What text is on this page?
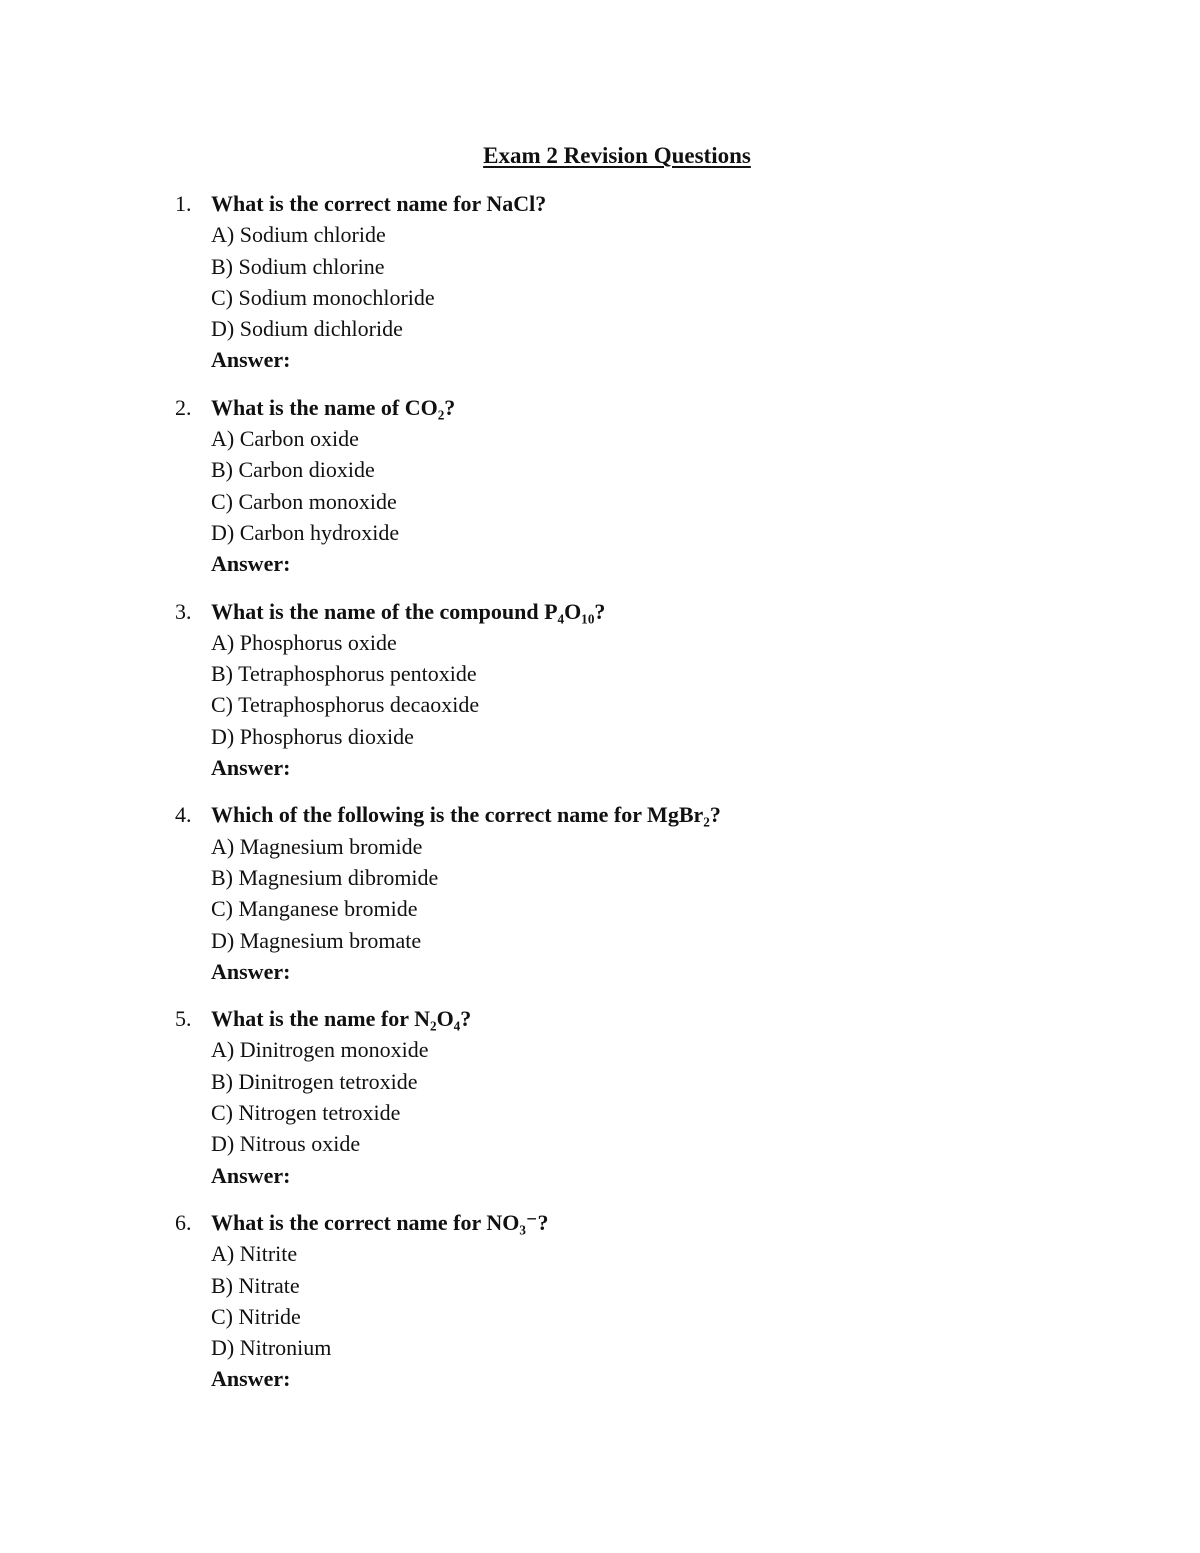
Exam 2 Revision Questions
1. What is the correct name for NaCl?
A) Sodium chloride
B) Sodium chlorine
C) Sodium monochloride
D) Sodium dichloride
Answer:
2. What is the name of CO₂?
A) Carbon oxide
B) Carbon dioxide
C) Carbon monoxide
D) Carbon hydroxide
Answer:
3. What is the name of the compound P₄O₁₀?
A) Phosphorus oxide
B) Tetraphosphorus pentoxide
C) Tetraphosphorus decaoxide
D) Phosphorus dioxide
Answer:
4. Which of the following is the correct name for MgBr₂?
A) Magnesium bromide
B) Magnesium dibromide
C) Manganese bromide
D) Magnesium bromate
Answer:
5. What is the name for N₂O₄?
A) Dinitrogen monoxide
B) Dinitrogen tetroxide
C) Nitrogen tetroxide
D) Nitrous oxide
Answer:
6. What is the correct name for NO₃⁻?
A) Nitrite
B) Nitrate
C) Nitride
D) Nitronium
Answer:
